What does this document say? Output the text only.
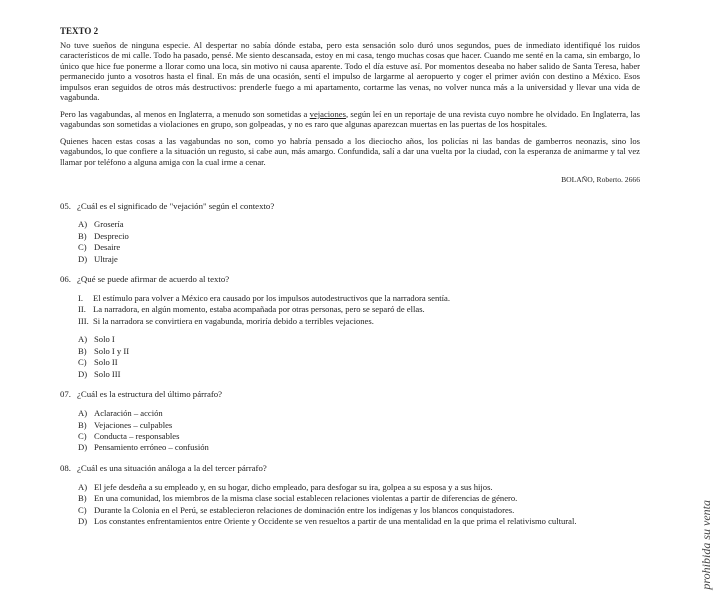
TEXTO 2

No tuve sueños de ninguna especie. Al despertar no sabía dónde estaba, pero esta sensación solo duró unos segundos, pues de inmediato identifiqué los ruidos característicos de mi calle. Todo ha pasado, pensé. Me siento descansada, estoy en mi casa, tengo muchas cosas que hacer. Cuando me senté en la cama, sin embargo, lo único que hice fue ponerme a llorar como una loca, sin motivo ni causa aparente. Todo el día estuve así. Por momentos deseaba no haber salido de Santa Teresa, haber permanecido junto a vosotros hasta el final. En más de una ocasión, sentí el impulso de largarme al aeropuerto y coger el primer avión con destino a México. Esos impulsos eran seguidos de otros más destructivos: prenderle fuego a mi apartamento, cortarme las venas, no volver nunca más a la universidad y llevar una vida de vagabunda.

Pero las vagabundas, al menos en Inglaterra, a menudo son sometidas a vejaciones, según leí en un reportaje de una revista cuyo nombre he olvidado. En Inglaterra, las vagabundas son sometidas a violaciones en grupo, son golpeadas, y no es raro que algunas aparezcan muertas en las puertas de los hospitales.

Quienes hacen estas cosas a las vagabundas no son, como yo habría pensado a los dieciocho años, los policías ni las bandas de gamberros neonazis, sino los vagabundos, lo que confiere a la situación un regusto, si cabe aun, más amargo. Confundida, salí a dar una vuelta por la ciudad, con la esperanza de animarme y tal vez llamar por teléfono a alguna amiga con la cual irme a cenar.

BOLAÑO, Roberto. 2666
05. ¿Cuál es el significado de "vejación" según el contexto?
A) Grosería
B) Desprecio
C) Desaire
D) Ultraje
06. ¿Qué se puede afirmar de acuerdo al texto?
I.	El estímulo para volver a México era causado por los impulsos autodestructivos que la narradora sentía.
II. La narradora, en algún momento, estaba acompañada por otras personas, pero se separó de ellas.
III. Si la narradora se convirtiera en vagabunda, moriría debido a terribles vejaciones.
A) Solo I
B) Solo I y II
C) Solo II
D) Solo III
07. ¿Cuál es la estructura del último párrafo?
A) Aclaración – acción
B) Vejaciones – culpables
C) Conducta – responsables
D) Pensamiento erróneo – confusión
08. ¿Cuál es una situación análoga a la del tercer párrafo?
A) El jefe desdeña a su empleado y, en su hogar, dicho empleado, para desfogar su ira, golpea a su esposa y a sus hijos.
B) En una comunidad, los miembros de la misma clase social establecen relaciones violentas a partir de diferencias de género.
C) Durante la Colonia en el Perú, se establecieron relaciones de dominación entre los indígenas y los blancos conquistadores.
D) Los constantes enfrentamientos entre Oriente y Occidente se ven resueltos a partir de una mentalidad en la que prima el relativismo cultural.	prohibida su venta
